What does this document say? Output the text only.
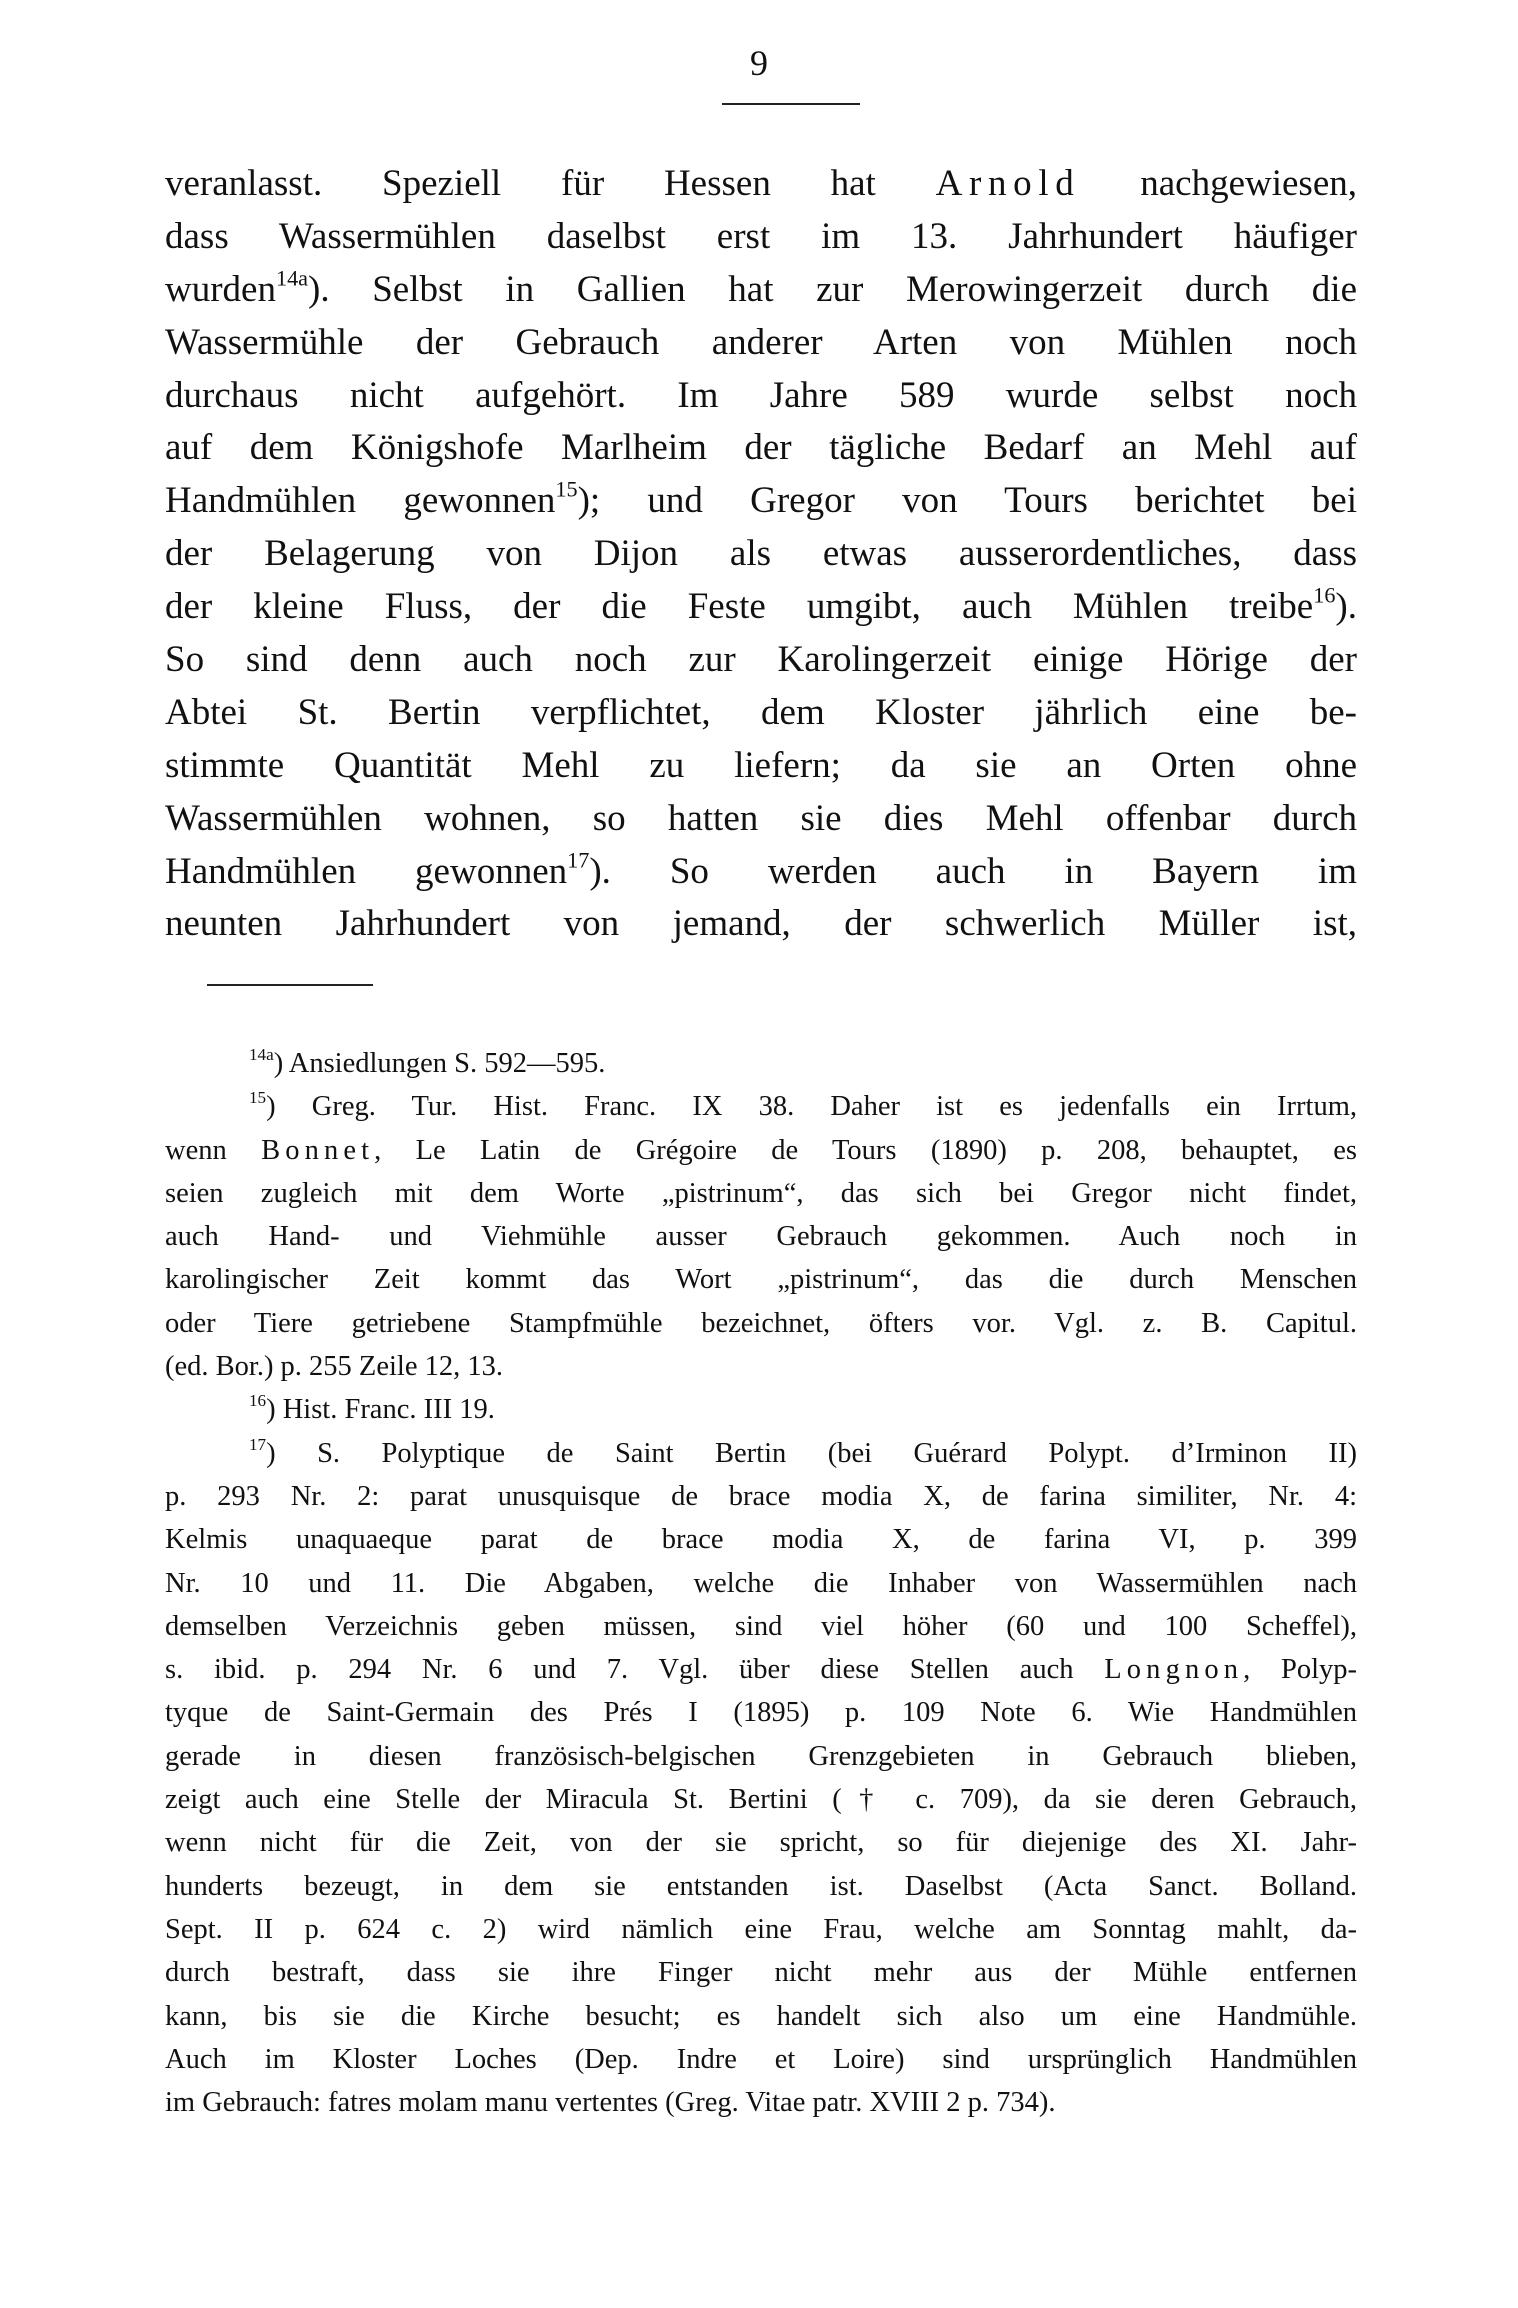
9
veranlasst. Speziell für Hessen hat Arnold nachgewiesen,
dass Wassermühlen daselbst erst im 13. Jahrhundert häufiger
wurden$^{14a}$). Selbst in Gallien hat zur Merowingerzeit durch die
Wassermühle der Gebrauch anderer Arten von Mühlen noch
durchaus nicht aufgehört. Im Jahre 589 wurde selbst noch
auf dem Königshofe Marlheim der tägliche Bedarf an Mehl auf
Handmühlen gewonnen$^{15}$); und Gregor von Tours berichtet bei
der Belagerung von Dijon als etwas ausserordentliches, dass
der kleine Fluss, der die Feste umgibt, auch Mühlen treibe$^{16}$).
So sind denn auch noch zur Karolingerzeit einige Hörige der
Abtei St. Bertin verpflichtet, dem Kloster jährlich eine be-
stimmte Quantität Mehl zu liefern; da sie an Orten ohne
Wassermühlen wohnen, so hatten sie dies Mehl offenbar durch
Handmühlen gewonnen$^{17}$). So werden auch in Bayern im
neunten Jahrhundert von jemand, der schwerlich Müller ist,
$^{14a}$) Ansiedlungen S. 592—595.
$^{15}$) Greg. Tur. Hist. Franc. IX 38. Daher ist es jedenfalls ein Irrtum,
wenn Bonnet, Le Latin de Grégoire de Tours (1890) p. 208, behauptet, es
seien zugleich mit dem Worte „pistrinum“, das sich bei Gregor nicht findet,
auch Hand- und Viehmühle ausser Gebrauch gekommen. Auch noch in
karolingischer Zeit kommt das Wort „pistrinum“, das die durch Menschen
oder Tiere getriebene Stampfmühle bezeichnet, öfters vor. Vgl. z. B. Capitul.
(ed. Bor.) p. 255 Zeile 12, 13.
$^{16}$) Hist. Franc. III 19.
$^{17}$) S. Polyptique de Saint Bertin (bei Guérard Polypt. d’Irminon II)
p. 293 Nr. 2: parat unusquisque de brace modia X, de farina similiter, Nr. 4:
Kelmis unaquaeque parat de brace modia X, de farina VI, p. 399
Nr. 10 und 11. Die Abgaben, welche die Inhaber von Wassermühlen nach
demselben Verzeichnis geben müssen, sind viel höher (60 und 100 Scheffel),
s. ibid. p. 294 Nr. 6 und 7. Vgl. über diese Stellen auch Longnon, Polyp-
tyque de Saint-Germain des Prés I (1895) p. 109 Note 6. Wie Handmühlen
gerade in diesen französisch-belgischen Grenzgebieten in Gebrauch blieben,
zeigt auch eine Stelle der Miracula St. Bertini († c. 709), da sie deren Gebrauch,
wenn nicht für die Zeit, von der sie spricht, so für diejenige des XI. Jahr-
hunderts bezeugt, in dem sie entstanden ist. Daselbst (Acta Sanct. Bolland.
Sept. II p. 624 c. 2) wird nämlich eine Frau, welche am Sonntag mahlt, da-
durch bestraft, dass sie ihre Finger nicht mehr aus der Mühle entfernen
kann, bis sie die Kirche besucht; es handelt sich also um eine Handmühle.
Auch im Kloster Loches (Dep. Indre et Loire) sind ursprünglich Handmühlen
im Gebrauch: fatres molam manu vertentes (Greg. Vitae patr. XVIII 2 p. 734).
